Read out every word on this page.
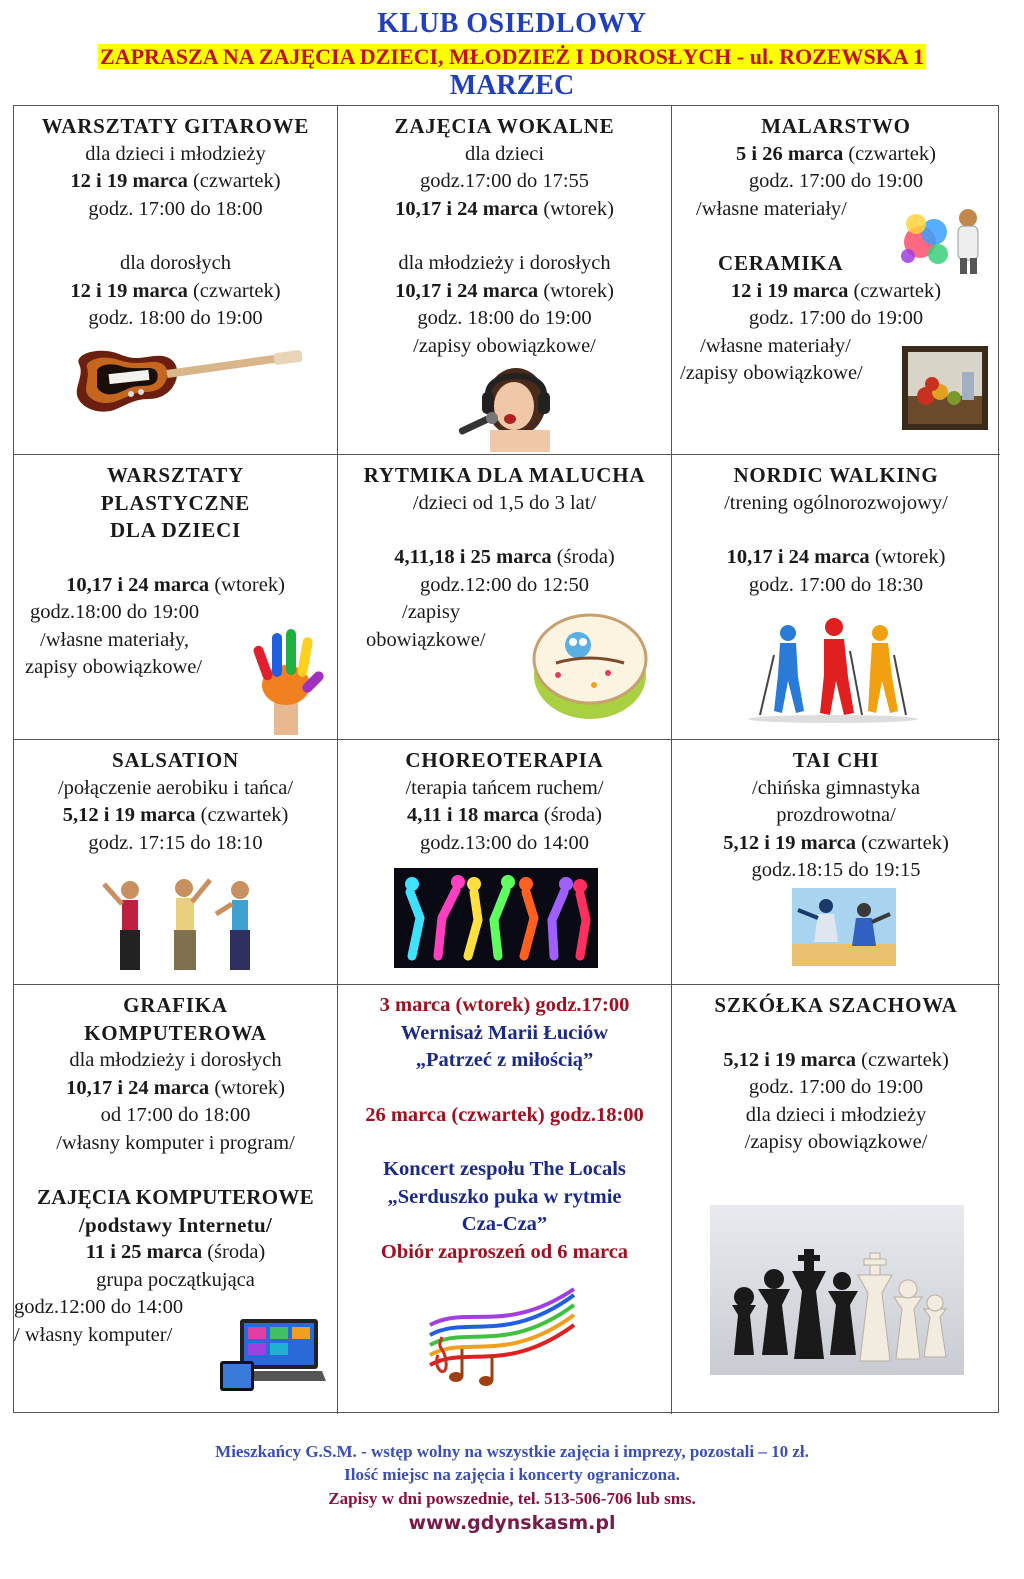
KLUB OSIEDLOWY
ZAPRASZA NA ZAJĘCIA DZIECI, MŁODZIEŻ I DOROSŁYCH - ul. ROZEWSKA 1
MARZEC
WARSZTATY GITAROWE
dla dzieci i młodzieży
12 i 19 marca (czwartek)
godz. 17:00 do 18:00
dla dorosłych
12 i 19 marca (czwartek)
godz. 18:00 do 19:00
ZAJĘCIA WOKALNE
dla dzieci
godz.17:00 do 17:55
10,17 i 24 marca (wtorek)
dla młodzieży i dorosłych
10,17 i 24 marca (wtorek)
godz. 18:00 do 19:00
/zapisy obowiązkowe/
MALARSTWO
5 i 26 marca (czwartek)
godz. 17:00 do 19:00
/własne materiały/
CERAMIKA
12 i 19 marca (czwartek)
godz. 17:00 do 19:00
/własne materiały/
/zapisy obowiązkowe/
WARSZTATY
PLASTYCZNE
DLA DZIECI
10,17 i 24 marca (wtorek)
godz.18:00 do 19:00
/własne materiały,
zapisy obowiązkowe/
RYTMIKA DLA MALUCHA
/dzieci od 1,5 do 3 lat/
4,11,18 i 25 marca (środa)
godz.12:00 do 12:50
/zapisy
obowiązkowe/
NORDIC WALKING
/trening ogólnorozwojowy/
10,17 i 24 marca (wtorek)
godz. 17:00 do 18:30
SALSATION
/połączenie aerobiku i tańca/
5,12 i 19 marca (czwartek)
godz. 17:15 do 18:10
CHOREOTERAPIA
/terapia tańcem ruchem/
4,11 i 18 marca (środa)
godz.13:00 do 14:00
TAI CHI
/chińska gimnastyka
prozdrowotna/
5,12 i 19 marca (czwartek)
godz.18:15 do 19:15
GRAFIKA
KOMPUTEROWA
dla młodzieży i dorosłych
10,17 i 24 marca (wtorek)
od 17:00 do 18:00
/własny komputer i program/
ZAJĘCIA KOMPUTEROWE
/podstawy Internetu/
11 i 25 marca (środa)
grupa początkująca
godz.12:00 do 14:00
/ własny komputer/
3 marca (wtorek) godz.17:00
Wernisaż Marii Łuciów
„Patrzeć z miłością”
26 marca (czwartek) godz.18:00
Koncert zespołu The Locals
„Serduszko puka w rytmie
Cza-Cza”
Obiór zaproszeń od 6 marca
SZKÓŁKA SZACHOWA
5,12 i 19 marca (czwartek)
godz. 17:00 do 19:00
dla dzieci i młodzieży
/zapisy obowiązkowe/
Mieszkańcy G.S.M. - wstęp wolny na wszystkie zajęcia i imprezy, pozostali – 10 zł.
Ilość miejsc na zajęcia i koncerty ograniczona.
Zapisy w dni powszednie, tel. 513-506-706 lub sms.
www.gdynskasm.pl
